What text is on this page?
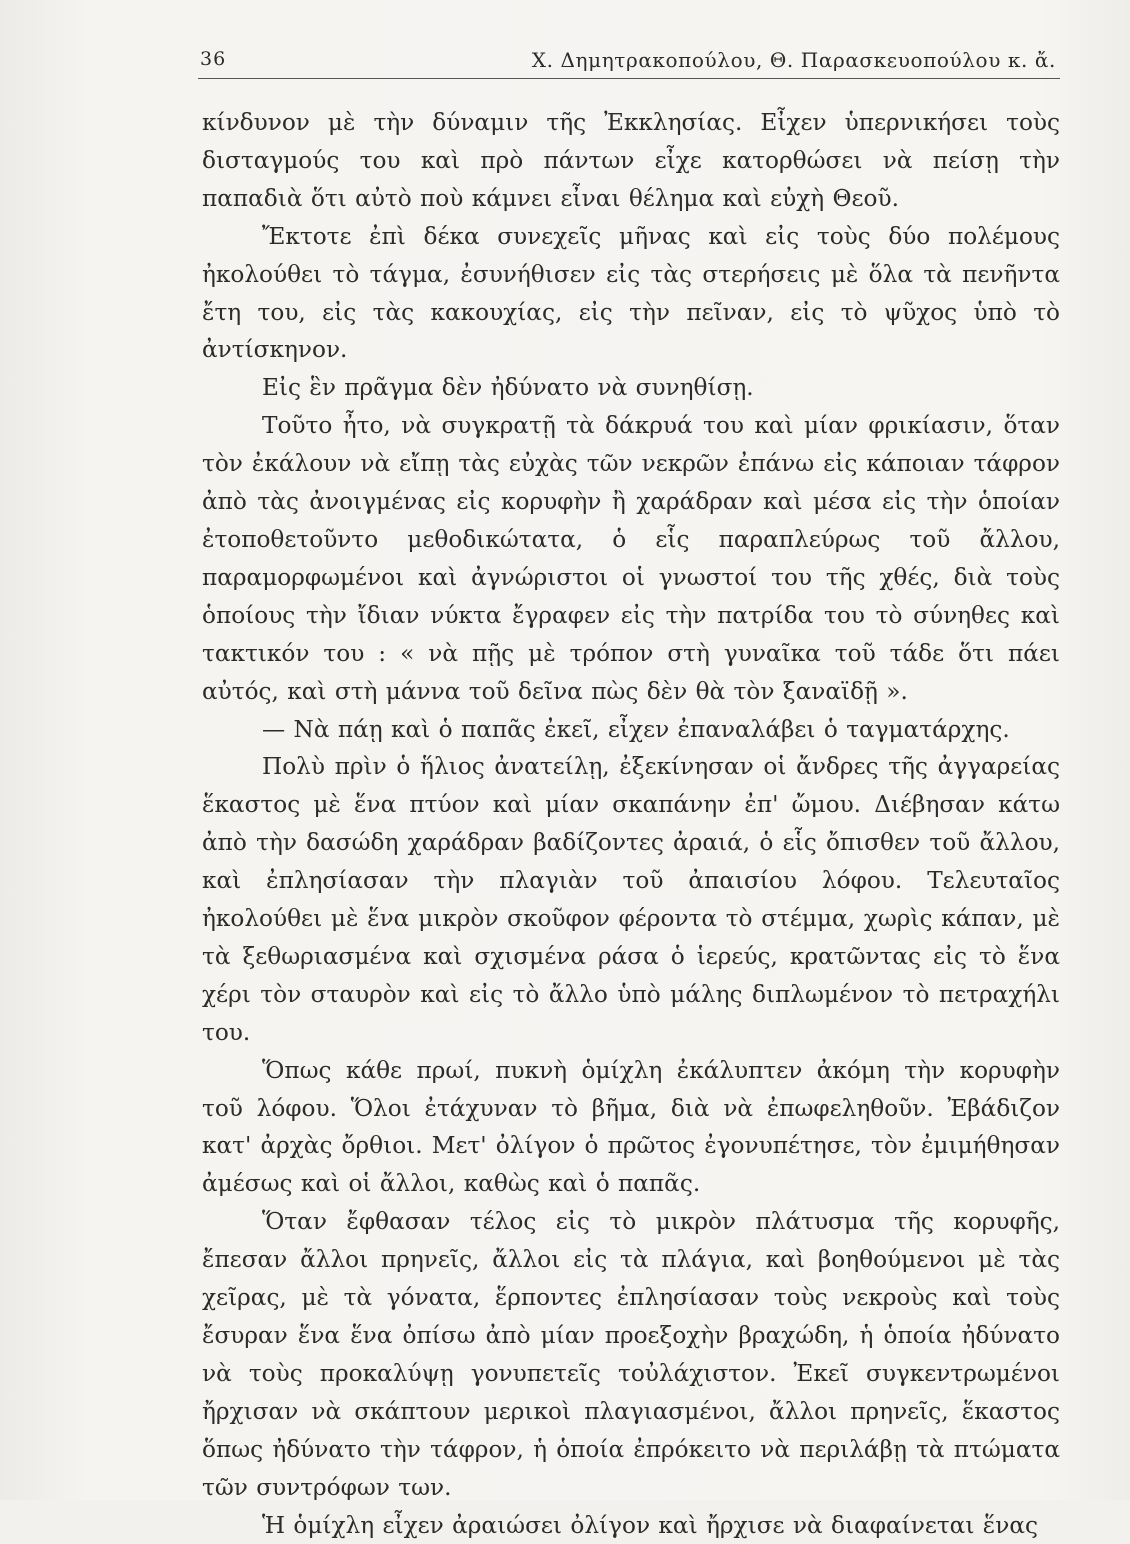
36	Χ. Δημητρακοπούλου, Θ. Παρασκευοπούλου κ. ἄ.

κίνδυνον μὲ τὴν δύναμιν τῆς Ἐκκλησίας. Εἶχεν ὑπερνικήσει τοὺς δισταγμούς του καὶ πρὸ πάντων εἶχε κατορθώσει νὰ πείσῃ τὴν παπαδιὰ ὅτι αὐτὸ ποὺ κάμνει εἶναι θέλημα καὶ εὐχὴ Θεοῦ.

Ἔκτοτε ἐπὶ δέκα συνεχεῖς μῆνας καὶ εἰς τοὺς δύο πολέμους ἠκολούθει τὸ τάγμα, ἐσυνήθισεν εἰς τὰς στερήσεις μὲ ὅλα τὰ πενῆντα ἔτη του, εἰς τὰς κακουχίας, εἰς τὴν πεῖναν, εἰς τὸ ψῦχος ὑπὸ τὸ ἀντίσκηνον.

Εἰς ἓν πρᾶγμα δὲν ἠδύνατο νὰ συνηθίσῃ.

Τοῦτο ἦτο, νὰ συγκρατῇ τὰ δάκρυά του καὶ μίαν φρικίασιν, ὅταν τὸν ἐκάλουν νὰ εἴπῃ τὰς εὐχὰς τῶν νεκρῶν ἐπάνω εἰς κάποιαν τάφρον ἀπὸ τὰς ἀνοιγμένας εἰς κορυφὴν ἢ χαράδραν καὶ μέσα εἰς τὴν ὁποίαν ἐτοποθετοῦντο μεθοδικώτατα, ὁ εἷς παραπλεύρως τοῦ ἄλλου, παραμορφωμένοι καὶ ἀγνώριστοι οἱ γνωστοί του τῆς χθές, διὰ τοὺς ὁποίους τὴν ἴδιαν νύκτα ἔγραφεν εἰς τὴν πατρίδα του τὸ σύνηθες καὶ τακτικόν του : « νὰ πῇς μὲ τρόπον στὴ γυναῖκα τοῦ τάδε ὅτι πάει αὐτός, καὶ στὴ μάννα τοῦ δεῖνα πὼς δὲν θὰ τὸν ξαναϊδῇ ».

— Νὰ πάῃ καὶ ὁ παπᾶς ἐκεῖ, εἶχεν ἐπαναλάβει ὁ ταγματάρχης.

Πολὺ πρὶν ὁ ἥλιος ἀνατείλῃ, ἐξεκίνησαν οἱ ἄνδρες τῆς ἀγγαρείας ἕκαστος μὲ ἕνα πτύον καὶ μίαν σκαπάνην ἐπ' ὤμου. Διέβησαν κάτω ἀπὸ τὴν δασώδη χαράδραν βαδίζοντες ἀραιά, ὁ εἷς ὄπισθεν τοῦ ἄλλου, καὶ ἐπλησίασαν τὴν πλαγιὰν τοῦ ἀπαισίου λόφου. Τελευταῖος ἠκολούθει μὲ ἕνα μικρὸν σκοῦφον φέροντα τὸ στέμμα, χωρὶς κάπαν, μὲ τὰ ξεθωριασμένα καὶ σχισμένα ράσα ὁ ἱερεύς, κρατῶντας εἰς τὸ ἕνα χέρι τὸν σταυρὸν καὶ εἰς τὸ ἄλλο ὑπὸ μάλης διπλωμένον τὸ πετραχήλι του.

Ὅπως κάθε πρωί, πυκνὴ ὁμίχλη ἐκάλυπτεν ἀκόμη τὴν κορυφὴν τοῦ λόφου. Ὅλοι ἐτάχυναν τὸ βῆμα, διὰ νὰ ἐπωφεληθοῦν. Ἐβάδιζον κατ' ἀρχὰς ὄρθιοι. Μετ' ὀλίγον ὁ πρῶτος ἐγονυπέτησε, τὸν ἐμιμήθησαν ἀμέσως καὶ οἱ ἄλλοι, καθὼς καὶ ὁ παπᾶς.

Ὅταν ἔφθασαν τέλος εἰς τὸ μικρὸν πλάτυσμα τῆς κορυφῆς, ἔπεσαν ἄλλοι πρηνεῖς, ἄλλοι εἰς τὰ πλάγια, καὶ βοηθούμενοι μὲ τὰς χεῖρας, μὲ τὰ γόνατα, ἕρποντες ἐπλησίασαν τοὺς νεκροὺς καὶ τοὺς ἔσυραν ἕνα ἕνα ὀπίσω ἀπὸ μίαν προεξοχὴν βραχώδη, ἡ ὁποία ἠδύνατο νὰ τοὺς προκαλύψῃ γονυπετεῖς τοὐλάχιστον. Ἐκεῖ συγκεντρωμένοι ἤρχισαν νὰ σκάπτουν μερικοὶ πλαγιασμένοι, ἄλλοι πρηνεῖς, ἕκαστος ὅπως ἠδύνατο τὴν τάφρον, ἡ ὁποία ἐπρόκειτο νὰ περιλάβῃ τὰ πτώματα τῶν συντρόφων των.

Ἡ ὁμίχλη εἶχεν ἀραιώσει ὀλίγον καὶ ἤρχισε νὰ διαφαίνεται ἕνας
